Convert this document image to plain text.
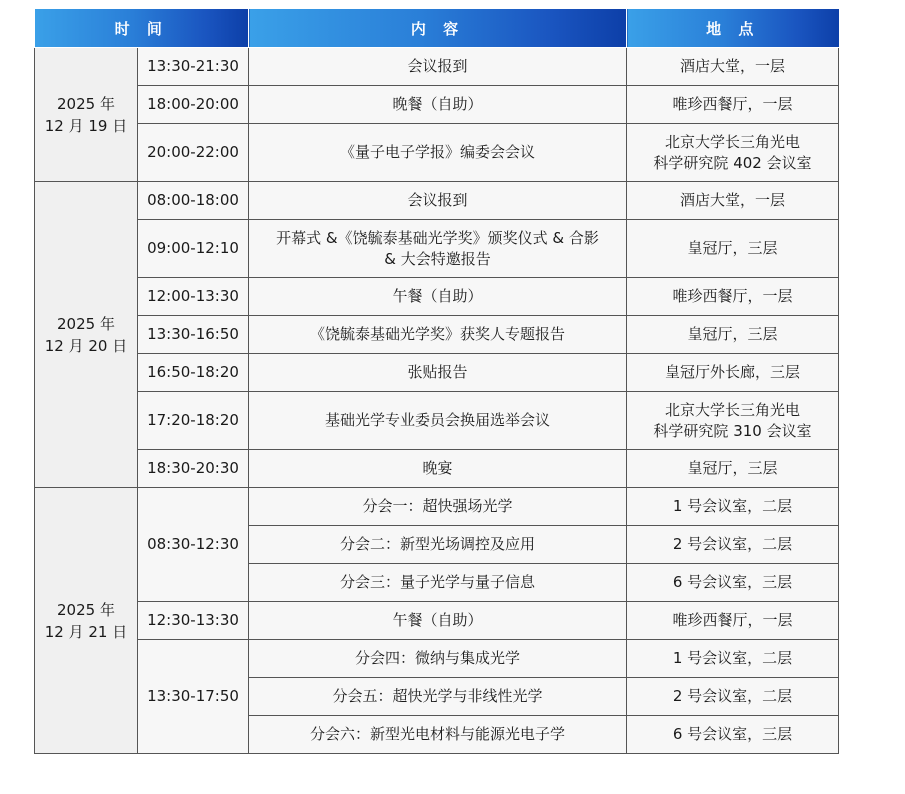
时 间		内 容	地 点

2025 年
12 月 19 日	13:30-21:30	会议报到	酒店大堂，一层

	18:00-20:00	晚餐（自助）	唯珍西餐厅，一层

	20:00-22:00	《量子电子学报》编委会会议	北京大学长三角光电
科学研究院 402 会议室

2025 年
12 月 20 日	08:00-18:00	会议报到	酒店大堂，一层

	09:00-12:10	开幕式 &《饶毓泰基础光学奖》颁奖仪式 & 合影
& 大会特邀报告	皇冠厅，三层

	12:00-13:30	午餐（自助）	唯珍西餐厅，一层

	13:30-16:50	《饶毓泰基础光学奖》获奖人专题报告	皇冠厅，三层

	16:50-18:20	张贴报告	皇冠厅外长廊，三层

	17:20-18:20	基础光学专业委员会换届选举会议	北京大学长三角光电
科学研究院 310 会议室

	18:30-20:30	晚宴	皇冠厅，三层

2025 年
12 月 21 日	08:30-12:30	分会一：超快强场光学	1 号会议室，二层

		分会二：新型光场调控及应用	2 号会议室，二层

		分会三：量子光学与量子信息	6 号会议室，三层

	12:30-13:30	午餐（自助）	唯珍西餐厅，一层

	13:30-17:50	分会四：微纳与集成光学	1 号会议室，二层

		分会五：超快光学与非线性光学	2 号会议室，二层

		分会六：新型光电材料与能源光电子学	6 号会议室，三层
